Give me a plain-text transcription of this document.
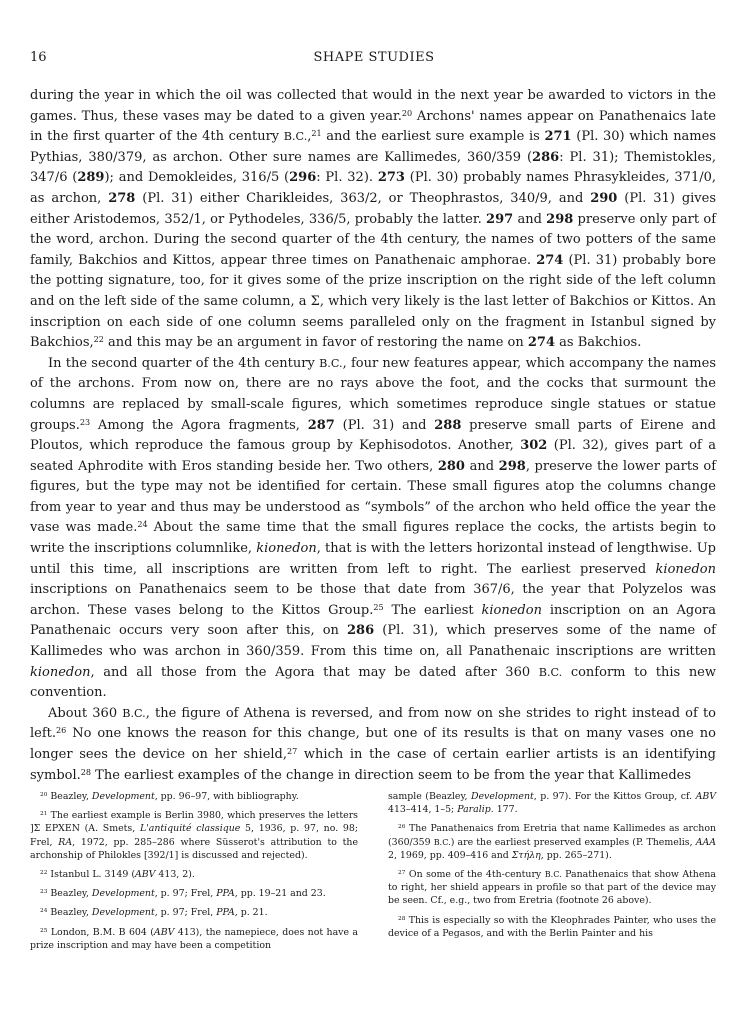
16	SHAPE STUDIES

during the year in which the oil was collected that would in the next year be awarded to victors in the games. Thus, these vases may be dated to a given year.$^{20}$ Archons' names appear on Panathenaics late in the first quarter of the 4th century B.C.,$^{21}$ and the earliest sure example is 271 (Pl. 30) which names Pythias, 380/379, as archon. Other sure names are Kallimedes, 360/359 (286: Pl. 31); Themistokles, 347/6 (289); and Demokleides, 316/5 (296: Pl. 32). 273 (Pl. 30) probably names Phrasykleides, 371/0, as archon, 278 (Pl. 31) either Charikleides, 363/2, or Theophrastos, 340/9, and 290 (Pl. 31) gives either Aristodemos, 352/1, or Pythodeles, 336/5, probably the latter. 297 and 298 preserve only part of the word, archon. During the second quarter of the 4th century, the names of two potters of the same family, Bakchios and Kittos, appear three times on Panathenaic amphorae. 274 (Pl. 31) probably bore the potting signature, too, for it gives some of the prize inscription on the right side of the left column and on the left side of the same column, a Σ, which very likely is the last letter of Bakchios or Kittos. An inscription on each side of one column seems paralleled only on the fragment in Istanbul signed by Bakchios,$^{22}$ and this may be an argument in favor of restoring the name on 274 as Bakchios.

In the second quarter of the 4th century B.C., four new features appear, which accompany the names of the archons. From now on, there are no rays above the foot, and the cocks that surmount the columns are replaced by small-scale figures, which sometimes reproduce single statues or statue groups.$^{23}$ Among the Agora fragments, 287 (Pl. 31) and 288 preserve small parts of Eirene and Ploutos, which reproduce the famous group by Kephisodotos. Another, 302 (Pl. 32), gives part of a seated Aphrodite with Eros standing beside her. Two others, 280 and 298, preserve the lower parts of figures, but the type may not be identified for certain. These small figures atop the columns change from year to year and thus may be understood as “symbols” of the archon who held office the year the vase was made.$^{24}$ About the same time that the small figures replace the cocks, the artists begin to write the inscriptions columnlike, kionedon, that is with the letters horizontal instead of lengthwise. Up until this time, all inscriptions are written from left to right. The earliest preserved kionedon inscriptions on Panathenaics seem to be those that date from 367/6, the year that Polyzelos was archon. These vases belong to the Kittos Group.$^{25}$ The earliest kionedon inscription on an Agora Panathenaic occurs very soon after this, on 286 (Pl. 31), which preserves some of the name of Kallimedes who was archon in 360/359. From this time on, all Panathenaic inscriptions are written kionedon, and all those from the Agora that may be dated after 360 B.C. conform to this new convention.

About 360 B.C., the figure of Athena is reversed, and from now on she strides to right instead of to left.$^{26}$ No one knows the reason for this change, but one of its results is that on many vases one no longer sees the device on her shield,$^{27}$ which in the case of certain earlier artists is an identifying symbol.$^{28}$ The earliest examples of the change in direction seem to be from the year that Kallimedes

$^{20}$ Beazley, Development, pp. 96–97, with bibliography.

$^{21}$ The earliest example is Berlin 3980, which preserves the letters ]Σ EPXEN (A. Smets, L'antiquité classique 5, 1936, p. 97, no. 98; Frel, RA, 1972, pp. 285–286 where Süsserot's attribution to the archonship of Philokles [392/1] is discussed and rejected).

$^{22}$ Istanbul L. 3149 (ABV 413, 2).

$^{23}$ Beazley, Development, p. 97; Frel, PPA, pp. 19–21 and 23.

$^{24}$ Beazley, Development, p. 97; Frel, PPA, p. 21.

$^{25}$ London, B.M. B 604 (ABV 413), the namepiece, does not have a prize inscription and may have been a competition

sample (Beazley, Development, p. 97). For the Kittos Group, cf. ABV 413–414, 1–5; Paralip. 177.

$^{26}$ The Panathenaics from Eretria that name Kallimedes as archon (360/359 B.C.) are the earliest preserved examples (P. Themelis, AAA 2, 1969, pp. 409–416 and Στήλη, pp. 265–271).

$^{27}$ On some of the 4th-century B.C. Panathenaics that show Athena to right, her shield appears in profile so that part of the device may be seen. Cf., e.g., two from Eretria (footnote 26 above).

$^{28}$ This is especially so with the Kleophrades Painter, who uses the device of a Pegasos, and with the Berlin Painter and his
